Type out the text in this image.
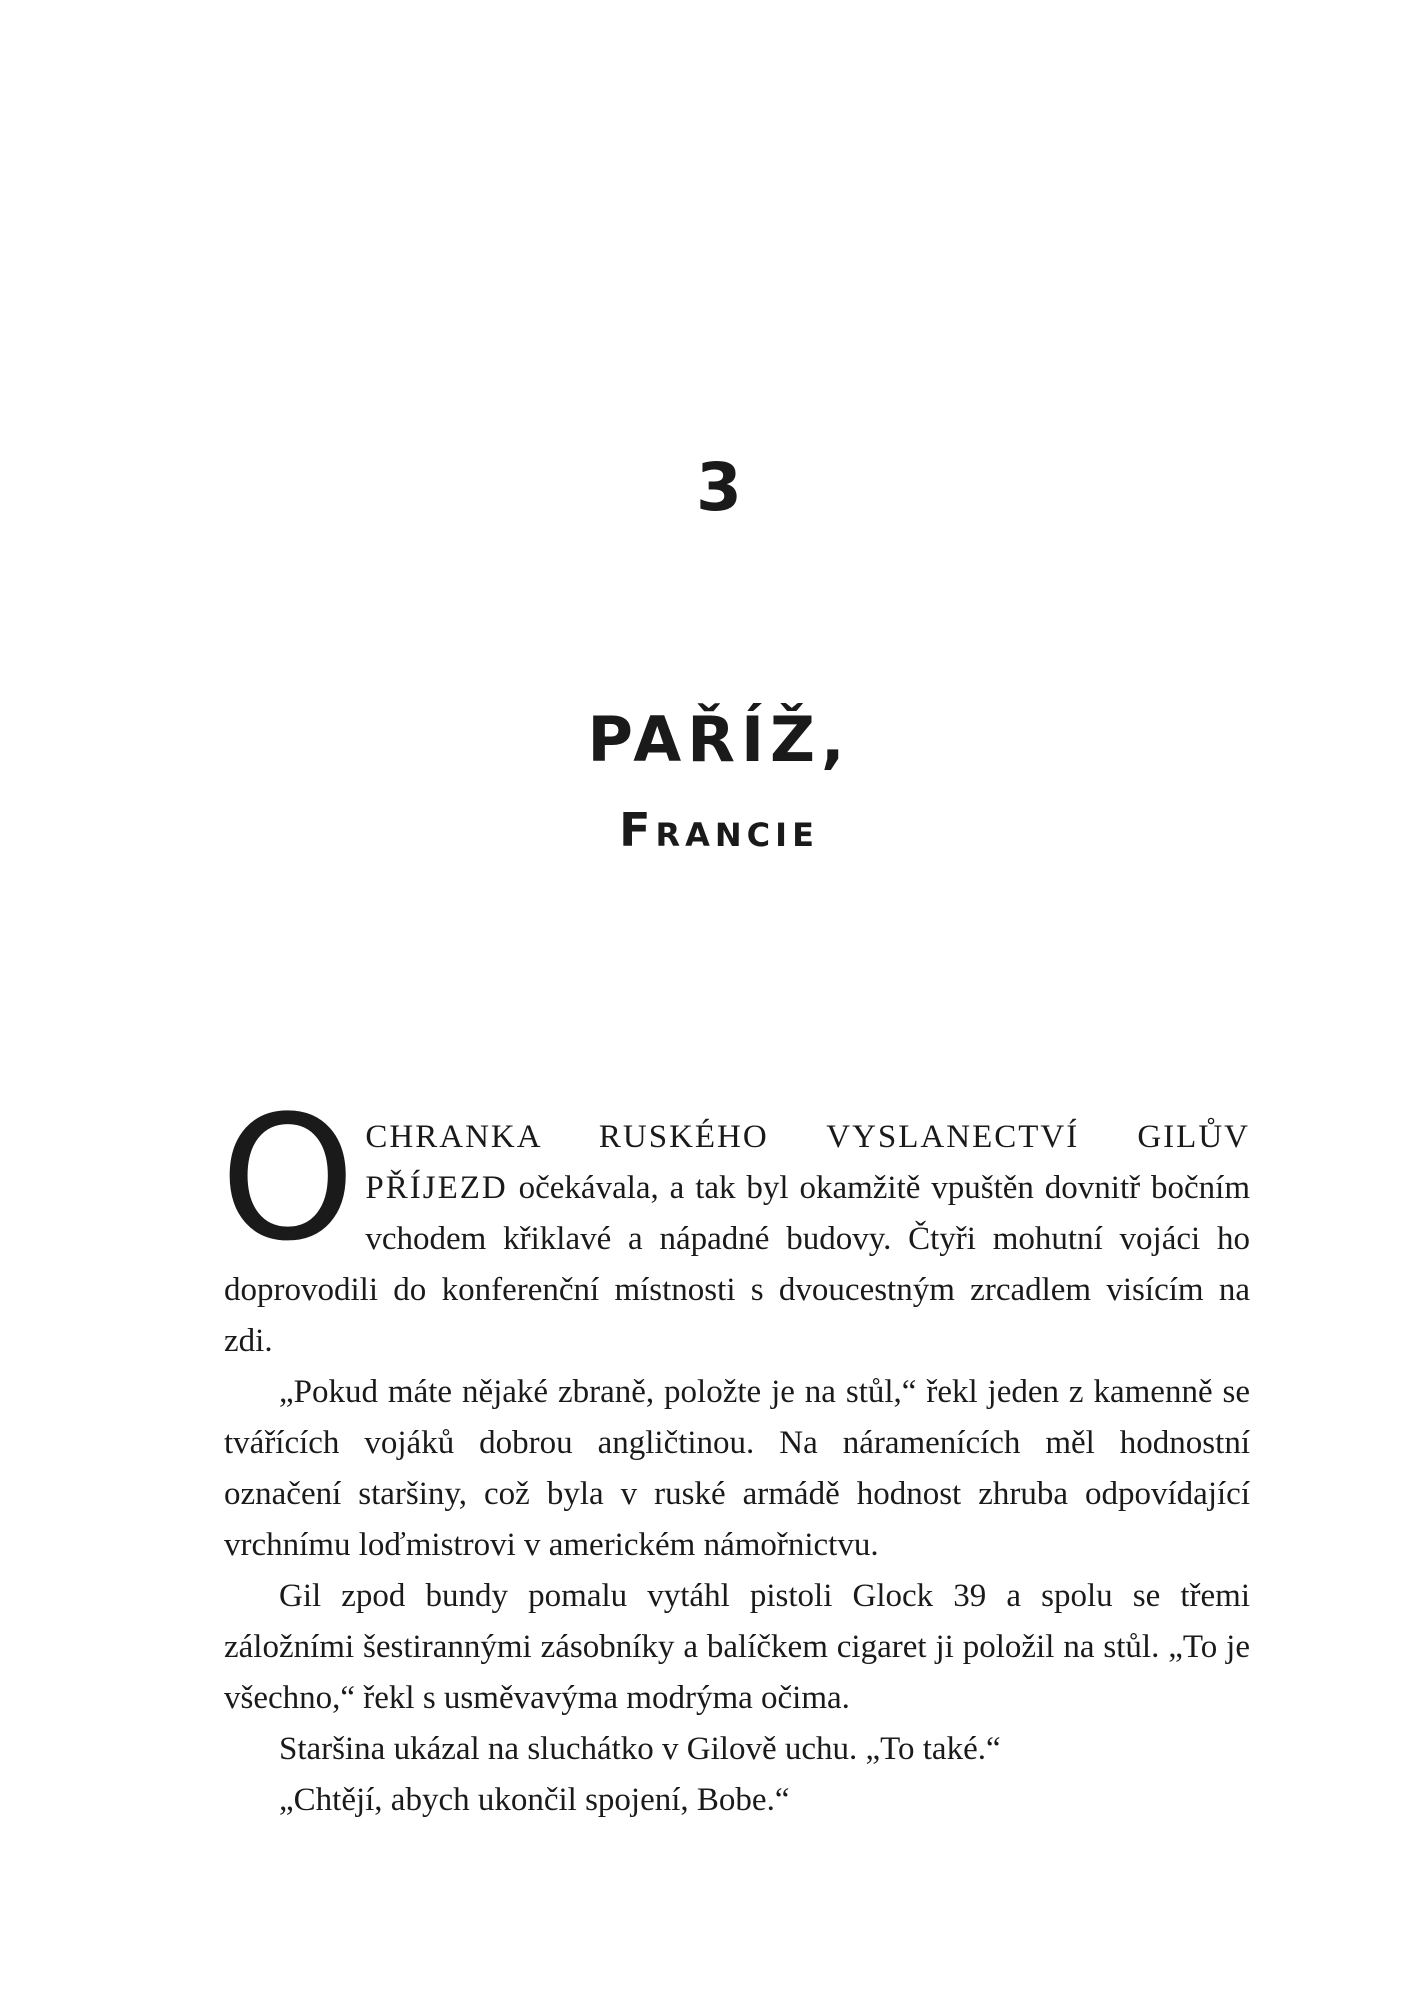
3
PAŘÍŽ,
Francie

OCHRANKA RUSKÉHO VYSLANECTVÍ GILŮV PŘÍJEZD očekávala, a tak byl okamžitě vpuštěn dovnitř bočním vchodem křiklavé a nápadné budovy. Čtyři mohutní vojáci ho doprovodili do konferenční místnosti s dvoucestným zrcadlem visícím na zdi.

„Pokud máte nějaké zbraně, položte je na stůl,“ řekl jeden z kamenně se tvářících vojáků dobrou angličtinou. Na náramenících měl hodnostní označení staršiny, což byla v ruské armádě hodnost zhruba odpovídající vrchnímu loďmistrovi v americkém námořnictvu.

Gil zpod bundy pomalu vytáhl pistoli Glock 39 a spolu se třemi záložními šestirannými zásobníky a balíčkem cigaret ji položil na stůl. „To je všechno,“ řekl s usměvavýma modrýma očima.

Staršina ukázal na sluchátko v Gilově uchu. „To také.“

„Chtějí, abych ukončil spojení, Bobe.“
